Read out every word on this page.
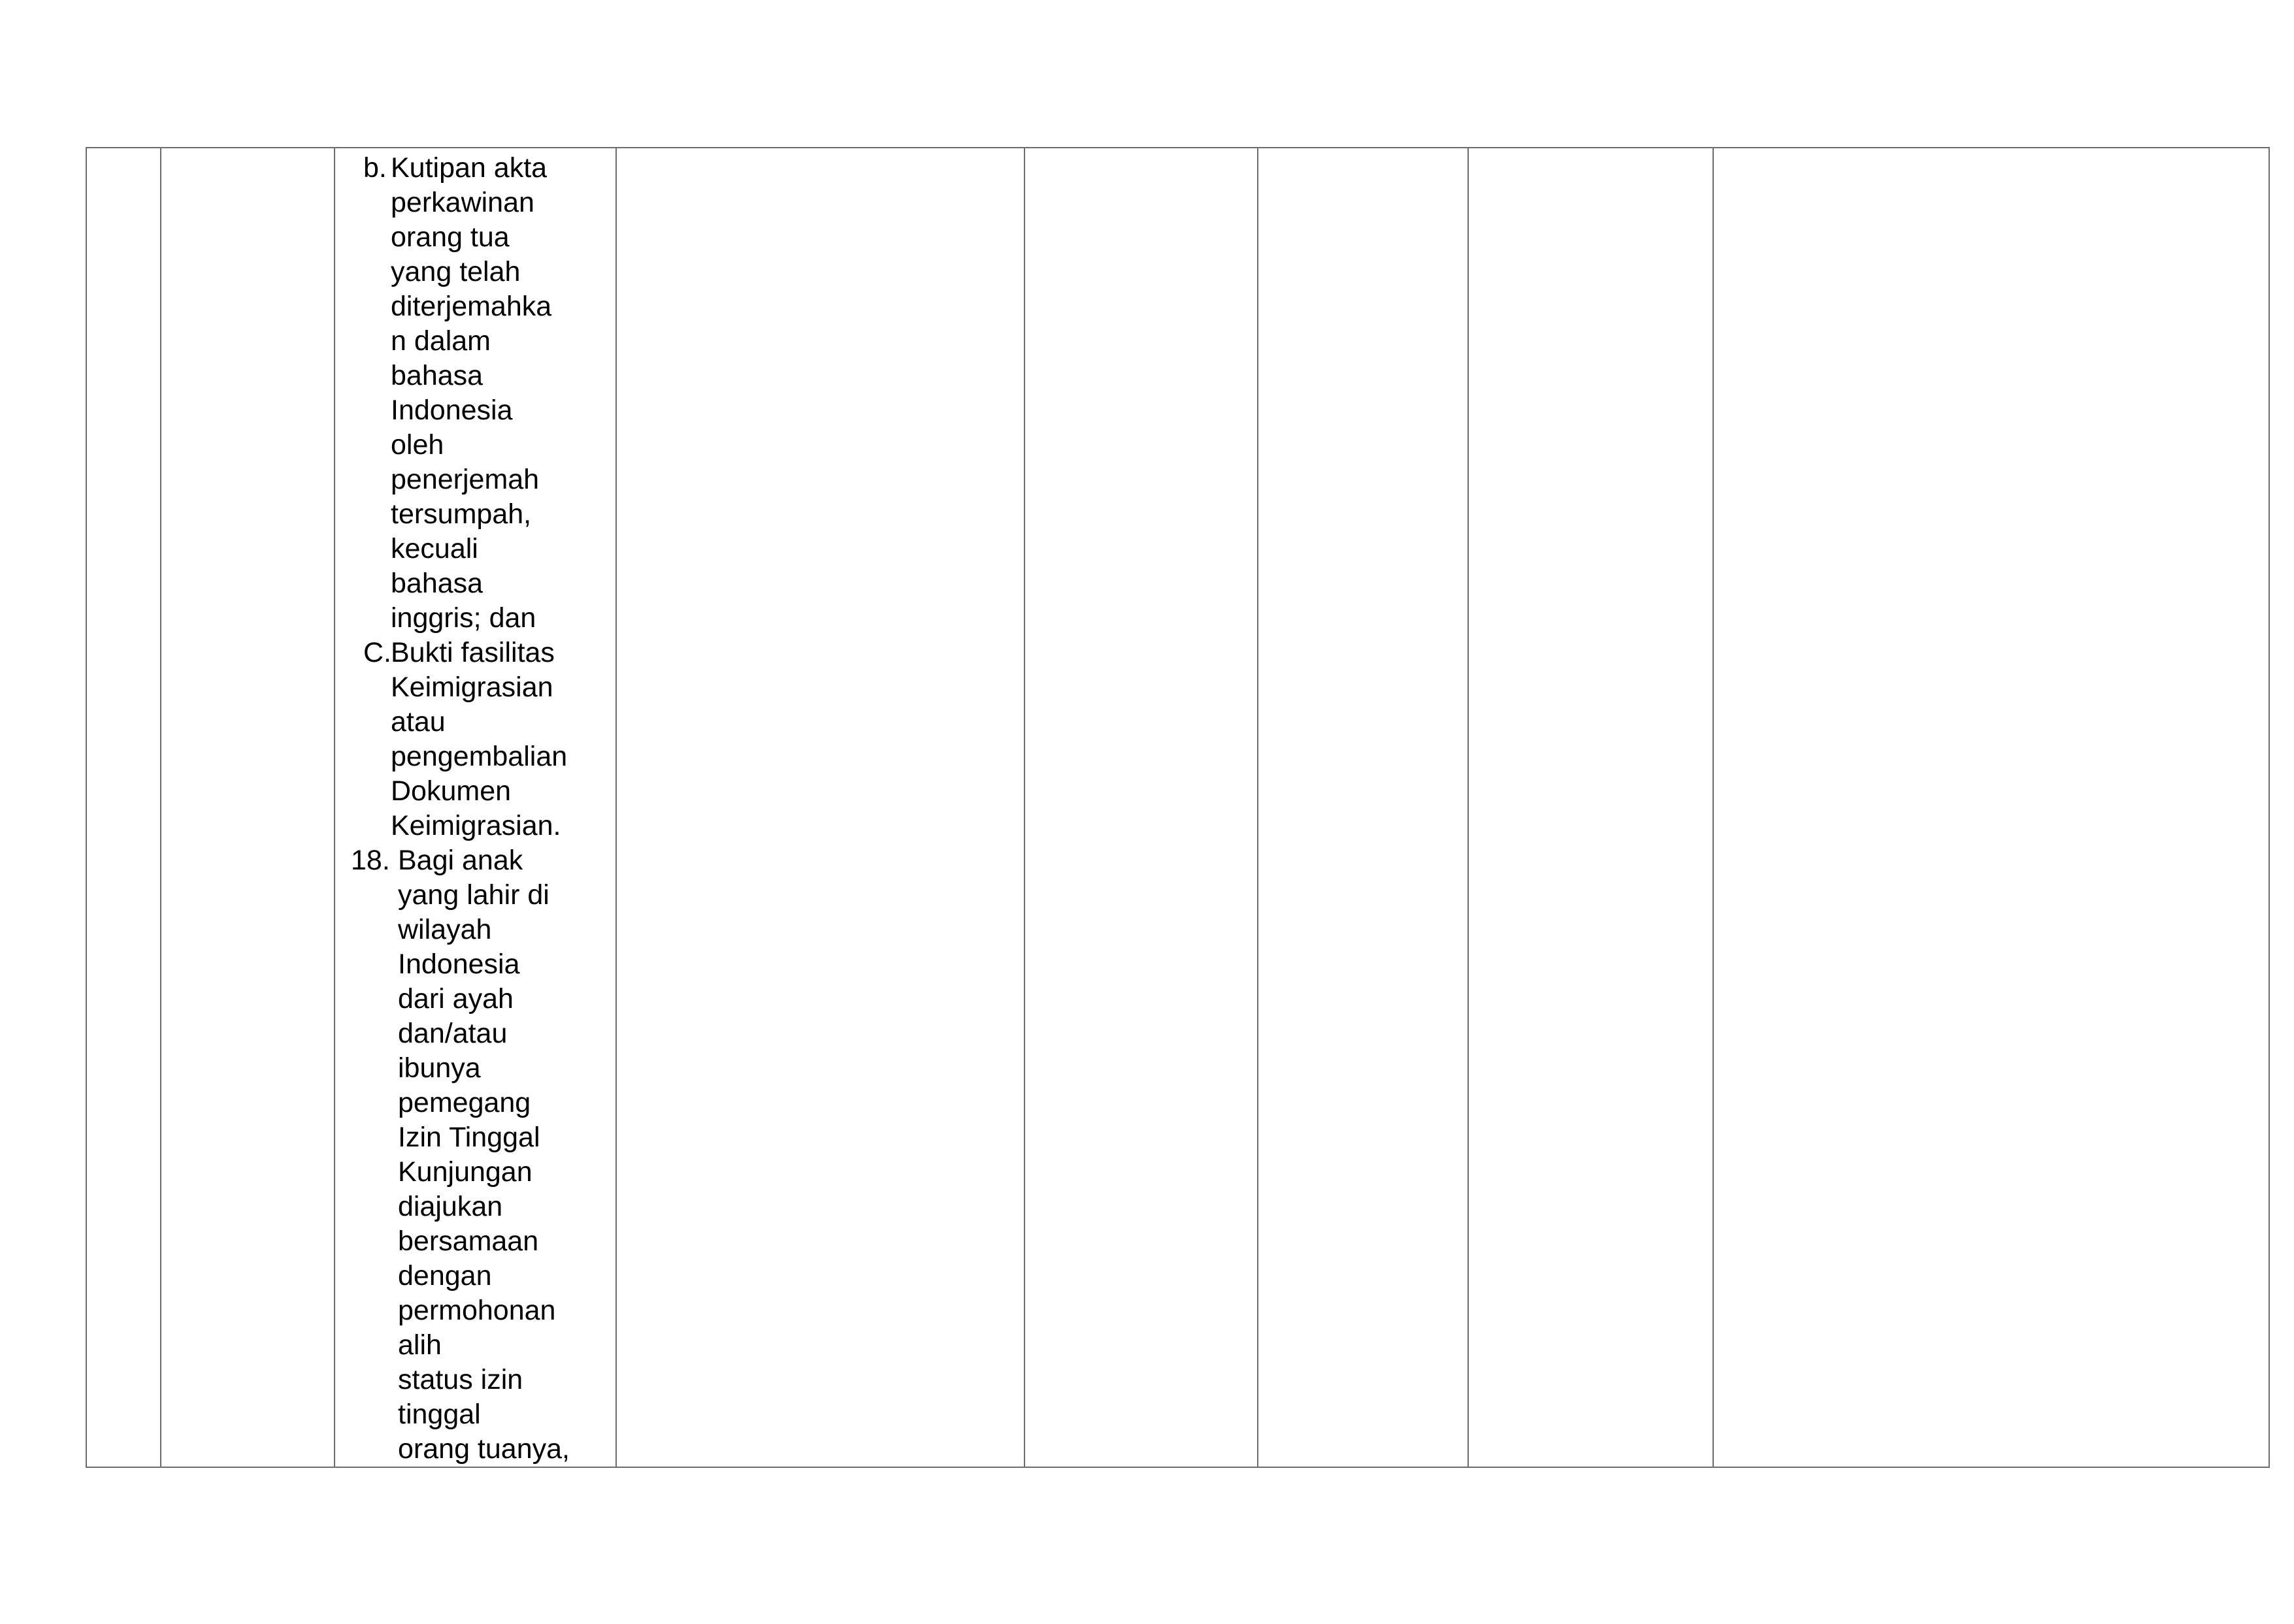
b. Kutipan akta
perkawinan
orang tua
yang telah
diterjemahka
n dalam
bahasa
Indonesia
oleh
penerjemah
tersumpah,
kecuali
bahasa
inggris; dan
C. Bukti fasilitas
Keimigrasian
atau
pengembalian
Dokumen
Keimigrasian.
18. Bagi anak
yang lahir di
wilayah
Indonesia
dari ayah
dan/atau
ibunya
pemegang
Izin Tinggal
Kunjungan
diajukan
bersamaan
dengan
permohonan
alih
status izin
tinggal
orang tuanya,
